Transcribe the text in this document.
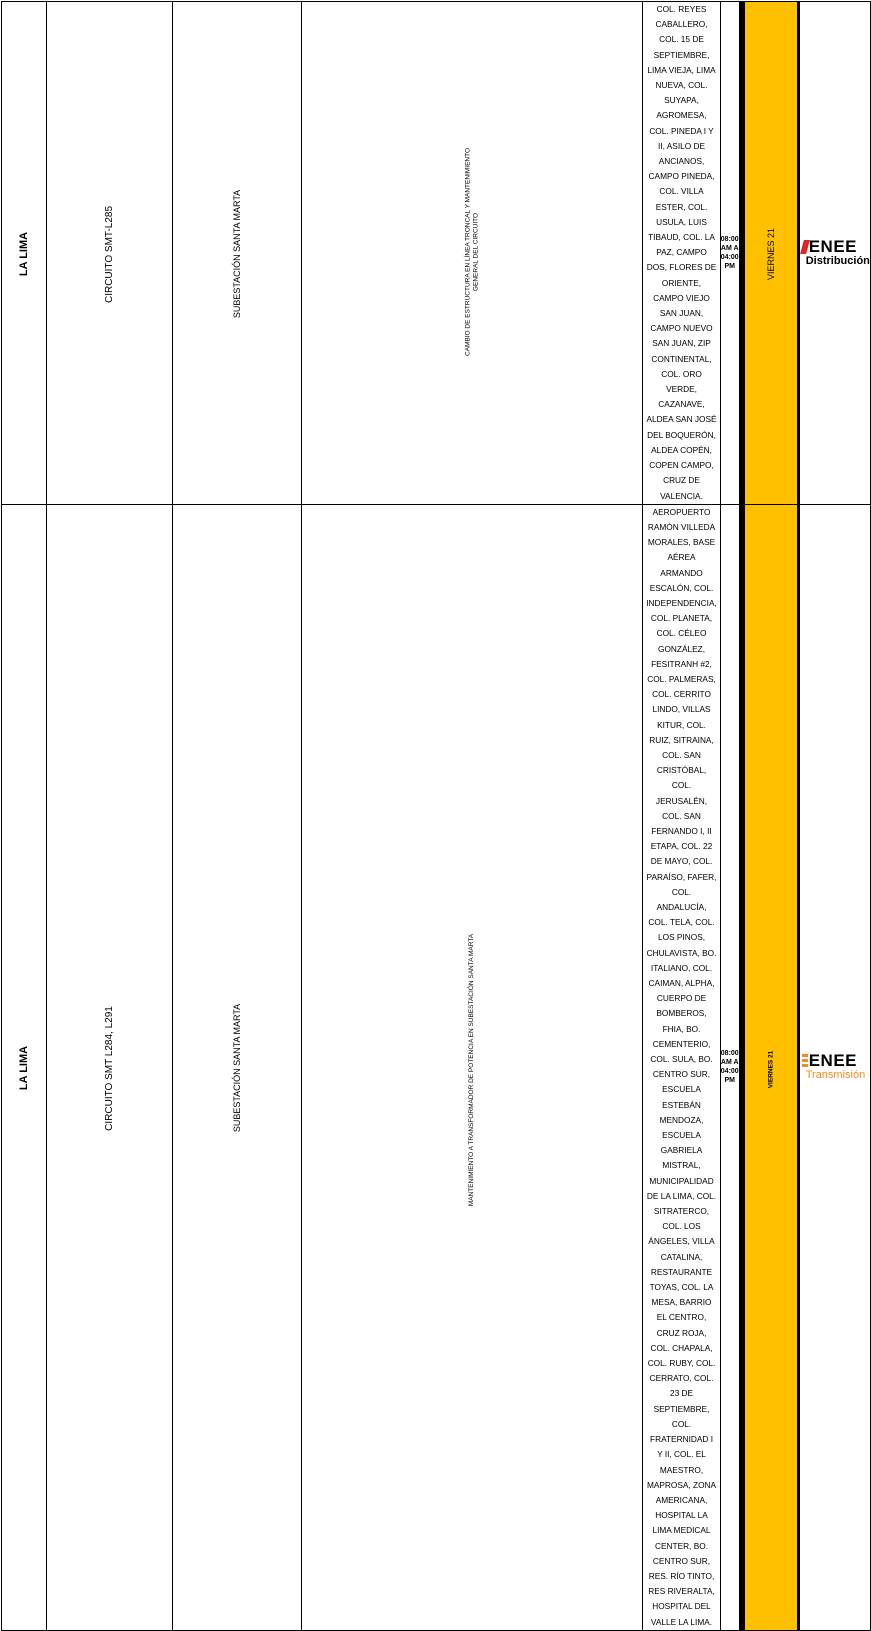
LA LIMA	CIRCUITO SMT-L285	SUBESTACIÓN SANTA MARTA	CAMBIO DE ESTRUCTURA EN LÍNEA TRONCAL Y MANTENIMIENTO GENERAL DEL CIRCUITO	COL. REYES CABALLERO, COL. 15 DE SEPTIEMBRE, LIMA VIEJA, LIMA NUEVA, COL. SUYAPA, AGROMESA, COL. PINEDA I Y II, ASILO DE ANCIANOS, CAMPO PINEDA, COL. VILLA ESTER, COL. USULA, LUIS TIBAUD, COL. LA PAZ, CAMPO DOS, FLORES DE ORIENTE, CAMPO VIEJO SAN JUAN, CAMPO NUEVO SAN JUAN, ZIP CONTINENTAL, COL. ORO VERDE, CAZANAVE, ALDEA SAN JOSÉ DEL BOQUERÓN, ALDEA COPÉN, COPEN CAMPO, CRUZ DE VALENCIA.	08:00 AM A 04:00 PM						VIERNES 21			ENEE
Distribución

LA LIMA	CIRCUITO SMT L284, L291	SUBESTACIÓN SANTA MARTA	MANTENIMIENTO A TRANSFORMADOR DE POTENCIA EN SUBESTACIÓN SANTA MARTA	AEROPUERTO RAMÓN VILLEDA MORALES, BASE AÉREA ARMANDO ESCALÓN, COL. INDEPENDENCIA, COL. PLANETA, COL. CÉLEO GONZÁLEZ, FESITRANH #2, COL. PALMERAS, COL. CERRITO LINDO, VILLAS KITUR, COL. RUIZ, SITRAINA, COL. SAN CRISTÓBAL, COL. JERUSALÉN, COL. SAN FERNANDO I, II ETAPA, COL. 22 DE MAYO, COL. PARAÍSO, FAFER, COL. ANDALUCÍA, COL. TELA, COL. LOS PINOS, CHULAVISTA, BO. ITALIANO, COL. CAIMAN, ALPHA, CUERPO DE BOMBEROS, FHIA, BO. CEMENTERIO, COL. SULA, BO. CENTRO SUR, ESCUELA ESTEBÁN MENDOZA, ESCUELA GABRIELA MISTRAL, MUNICIPALIDAD DE LA LIMA, COL. SITRATERCO, COL. LOS ÁNGELES, VILLA CATALINA, RESTAURANTE TOYAS, COL. LA MESA, BARRIO EL CENTRO, CRUZ ROJA, COL. CHAPALA, COL. RUBY, COL. CERRATO, COL. 23 DE SEPTIEMBRE, COL. FRATERNIDAD I Y II, COL. EL MAESTRO, MAPROSA, ZONA AMERICANA, HOSPITAL LA LIMA MEDICAL CENTER, BO. CENTRO SUR, RES. RÍO TINTO, RES RIVERALTA, HOSPITAL DEL VALLE LA LIMA.	08:00 AM A 04:00 PM						VIERNES 21			ENEE
Transmisión
